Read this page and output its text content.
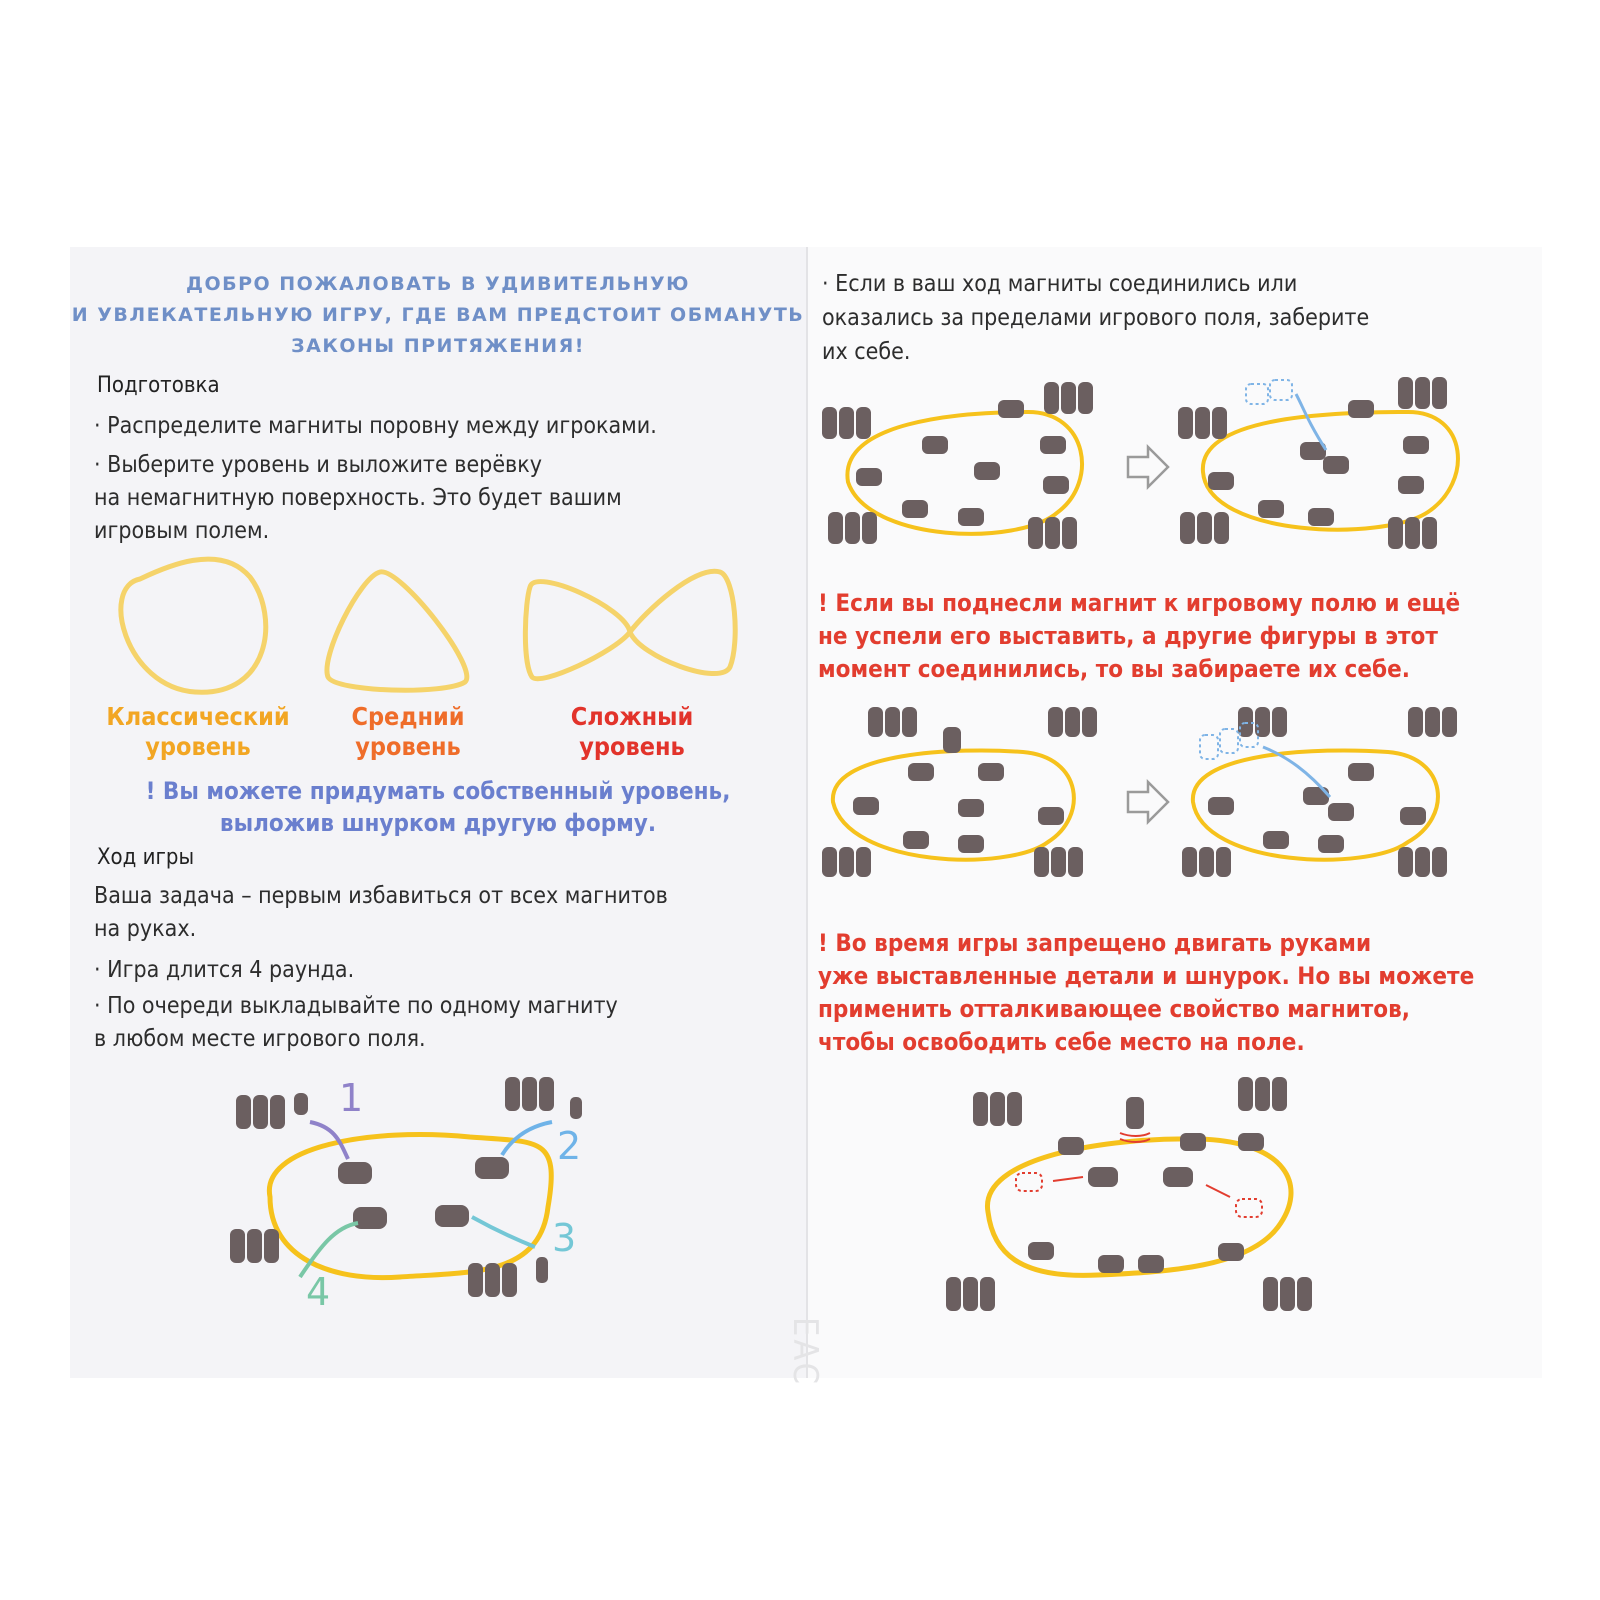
ДОБРО ПОЖАЛОВАТЬ В УДИВИТЕЛЬНУЮ
И УВЛЕКАТЕЛЬНУЮ ИГРУ, ГДЕ ВАМ ПРЕДСТОИТ ОБМАНУТЬ
ЗАКОНЫ ПРИТЯЖЕНИЯ!
Подготовка
· Распределите магниты поровну между игроками.
· Выберите уровень и выложите верёвку
на немагнитную поверхность. Это будет вашим
игровым полем.
Классический
уровень
Средний
уровень
Сложный
уровень
! Вы можете придумать собственный уровень,
выложив шнурком другую форму.
Ход игры
Ваша задача – первым избавиться от всех магнитов
на руках.
· Игра длится 4 раунда.
· По очереди выкладывайте по одному магниту
в любом месте игрового поля.
1
2
3
4
· Если в ваш ход магниты соединились или
оказались за пределами игрового поля, заберите
их себе.
! Если вы поднесли магнит к игровому полю и ещё
не успели его выставить, а другие фигуры в этот
момент соединились, то вы забираете их себе.
! Во время игры запрещено двигать руками
уже выставленные детали и шнурок. Но вы можете
применить отталкивающее свойство магнитов,
чтобы освободить себе место на поле.
EAC
